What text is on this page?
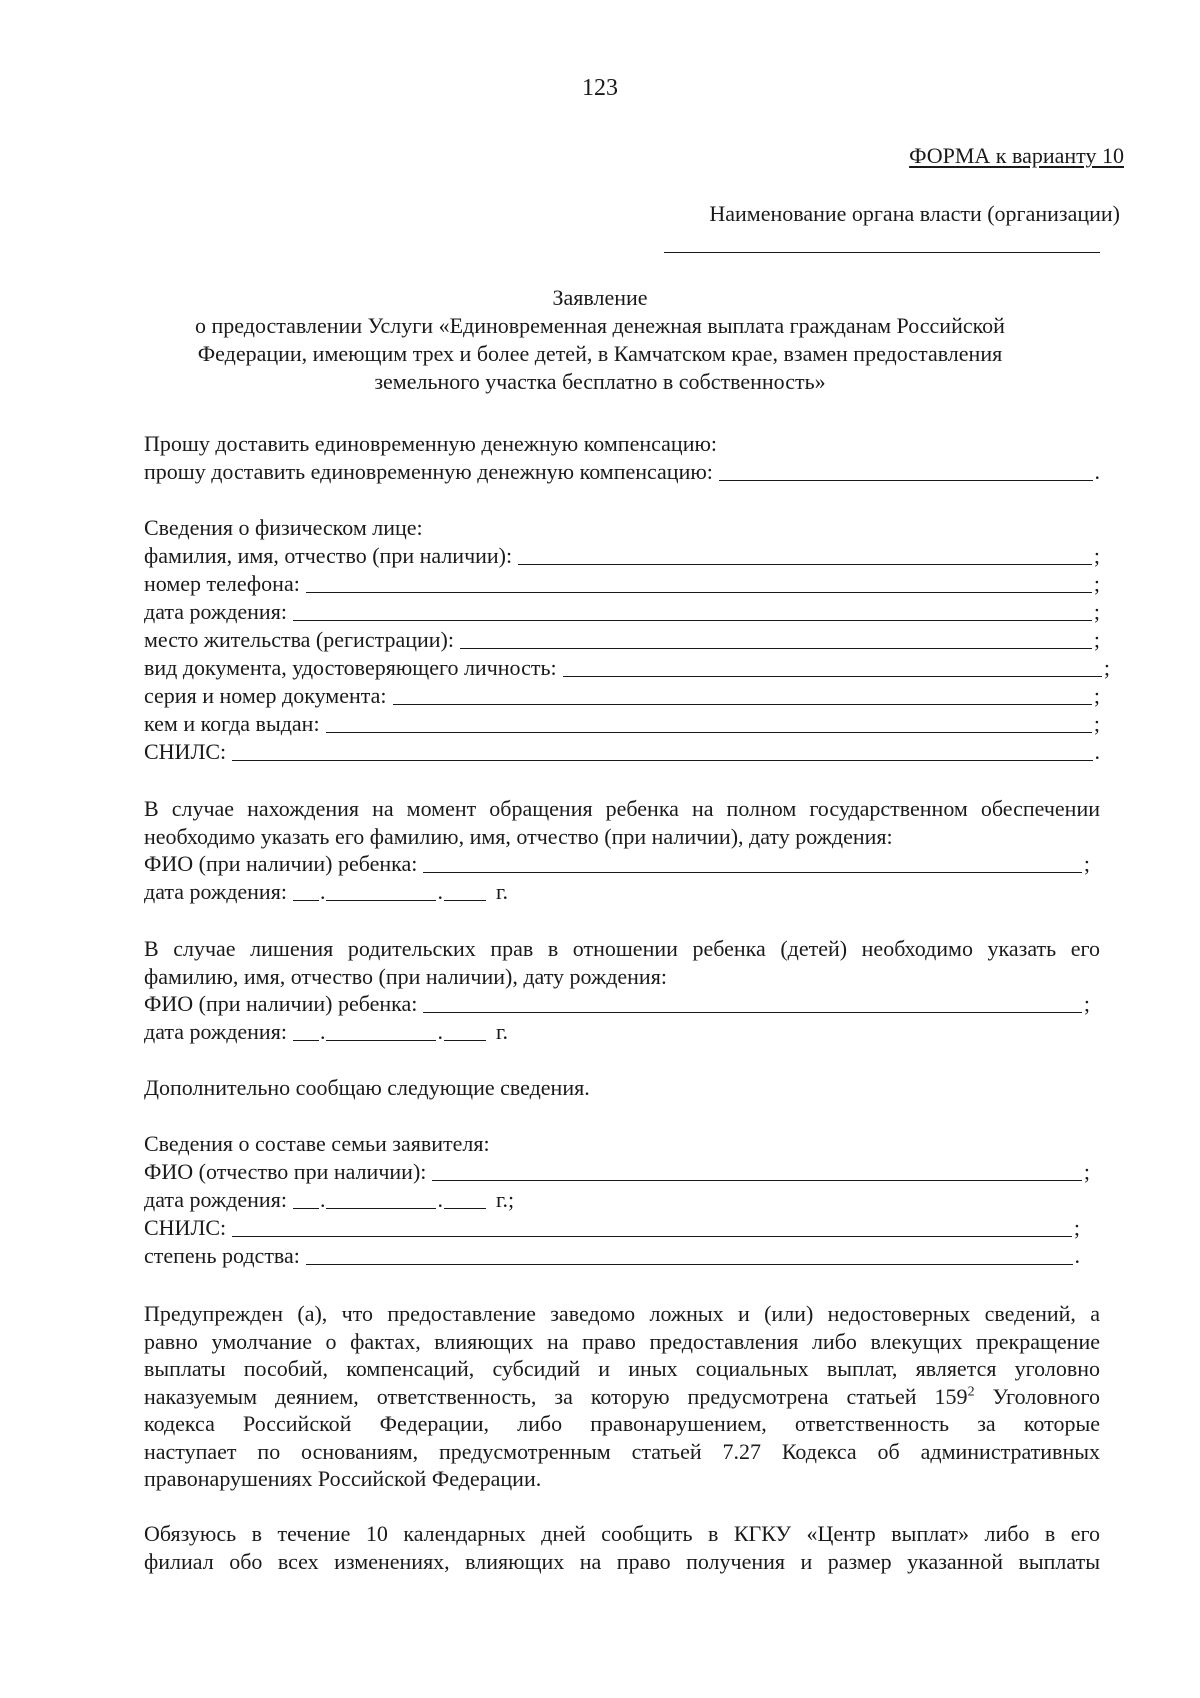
123
ФОРМА к варианту 10
Наименование органа власти (организации)
Заявление
о предоставлении Услуги «Единовременная денежная выплата гражданам Российской
Федерации, имеющим трех и более детей, в Камчатском крае, взамен предоставления
земельного участка бесплатно в собственность»
Прошу доставить единовременную денежную компенсацию:
прошу доставить единовременную денежную компенсацию:	.
Сведения о физическом лице:
фамилия, имя, отчество (при наличии):	;
номер телефона:	;
дата рождения:	;
место жительства (регистрации):	;
вид документа, удостоверяющего личность:	;
серия и номер документа:	;
кем и когда выдан:	;
СНИЛС:	.
В случае нахождения на момент обращения ребенка на полном государственном обеспечении
необходимо указать его фамилию, имя, отчество (при наличии), дату рождения:
ФИО (при наличии) ребенка:	;
дата рождения: .	.	г.
В случае лишения родительских прав в отношении ребенка (детей) необходимо указать его
фамилию, имя, отчество (при наличии), дату рождения:
ФИО (при наличии) ребенка:	;
дата рождения: .	.	г.
Дополнительно сообщаю следующие сведения.
Сведения о составе семьи заявителя:
ФИО (отчество при наличии):	;
дата рождения: .	.	г.;
СНИЛС:	;
степень родства:	.
Предупрежден (а), что предоставление заведомо ложных и (или) недостоверных сведений, а
равно умолчание о фактах, влияющих на право предоставления либо влекущих прекращение
выплаты пособий, компенсаций, субсидий и иных социальных выплат, является уголовно
наказуемым деянием, ответственность, за которую предусмотрена статьей $159^2$ Уголовного
кодекса Российской Федерации, либо правонарушением, ответственность за которые
наступает по основаниям, предусмотренным статьей 7.27 Кодекса об административных
правонарушениях Российской Федерации.
Обязуюсь в течение 10 календарных дней сообщить в КГКУ «Центр выплат» либо в его
филиал обо всех изменениях, влияющих на право получения и размер указанной выплаты
